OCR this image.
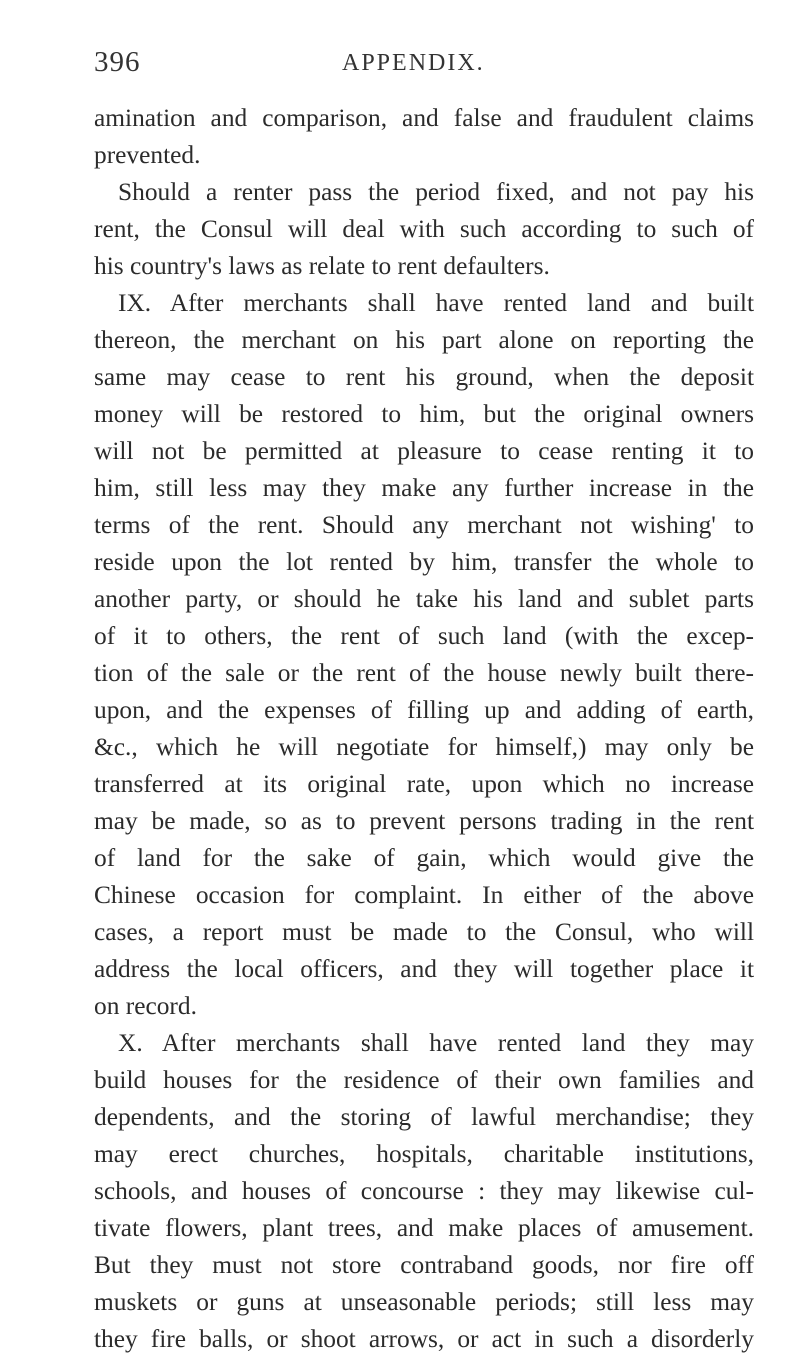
396	APPENDIX.
amination and comparison, and false and fraudulent claims
prevented.
Should a renter pass the period fixed, and not pay his
rent, the Consul will deal with such according to such of
his country's laws as relate to rent defaulters.
IX. After merchants shall have rented land and built
thereon, the merchant on his part alone on reporting the
same may cease to rent his ground, when the deposit
money will be restored to him, but the original owners
will not be permitted at pleasure to cease renting it to
him, still less may they make any further increase in the
terms of the rent. Should any merchant not wishing' to
reside upon the lot rented by him, transfer the whole to
another party, or should he take his land and sublet parts
of it to others, the rent of such land (with the excep-
tion of the sale or the rent of the house newly built there-
upon, and the expenses of filling up and adding of earth,
&c., which he will negotiate for himself,) may only be
transferred at its original rate, upon which no increase
may be made, so as to prevent persons trading in the rent
of land for the sake of gain, which would give the
Chinese occasion for complaint. In either of the above
cases, a report must be made to the Consul, who will
address the local officers, and they will together place it
on record.
X. After merchants shall have rented land they may
build houses for the residence of their own families and
dependents, and the storing of lawful merchandise; they
may erect churches, hospitals, charitable institutions,
schools, and houses of concourse : they may likewise cul-
tivate flowers, plant trees, and make places of amusement.
But they must not store contraband goods, nor fire off
muskets or guns at unseasonable periods; still less may
they fire balls, or shoot arrows, or act in such a disorderly
